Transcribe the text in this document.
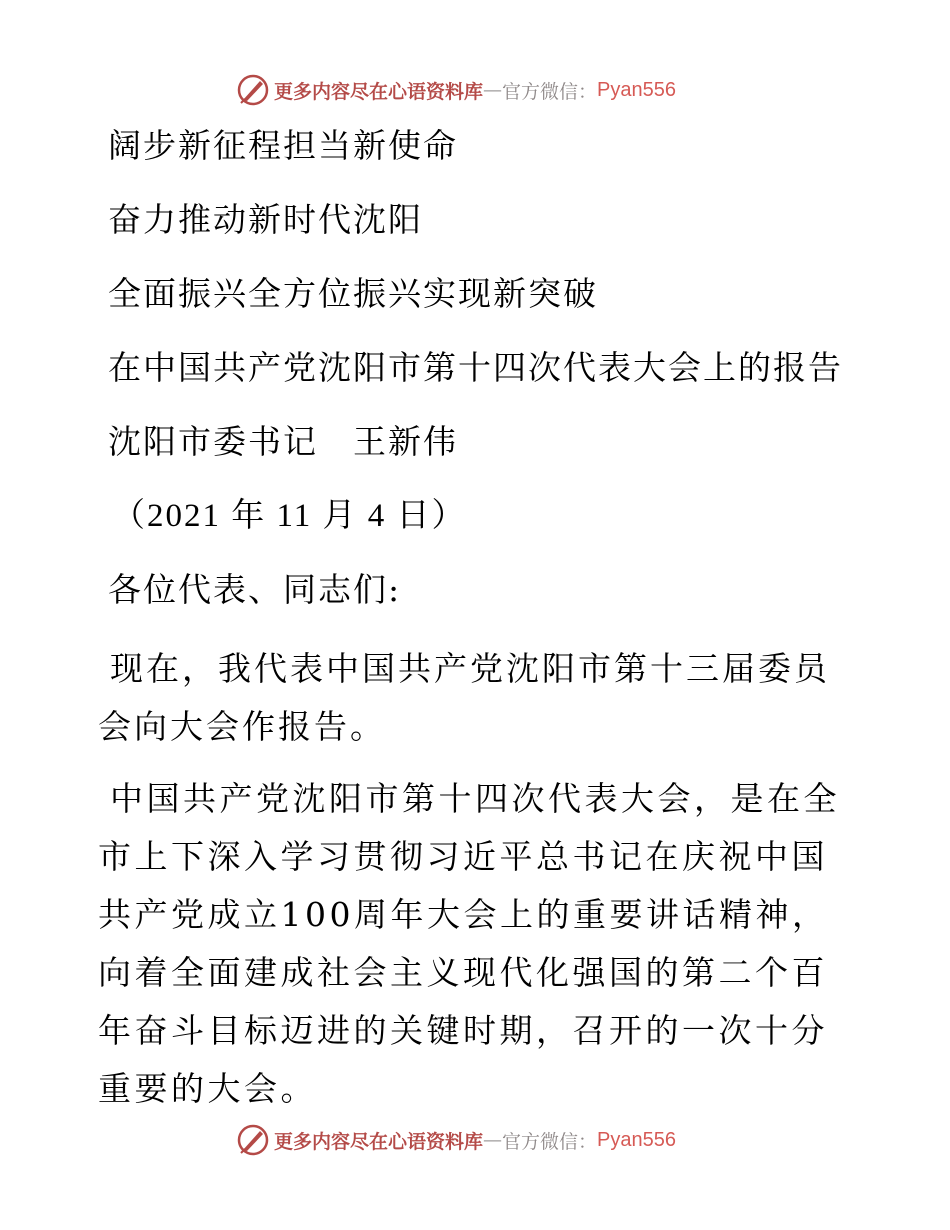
更多内容尽在心语资料库 — 官方微信： Pyan556

阔步新征程担当新使命

奋力推动新时代沈阳

全面振兴全方位振兴实现新突破

在中国共产党沈阳市第十四次代表大会上的报告

沈阳市委书记　王新伟

（2021 年 11 月 4 日）

各位代表、同志们:

现在，我代表中国共产党沈阳市第十三届委员会向大会作报告。

中国共产党沈阳市第十四次代表大会，是在全市上下深入学习贯彻习近平总书记在庆祝中国共产党成立100周年大会上的重要讲话精神，向着全面建成社会主义现代化强国的第二个百年奋斗目标迈进的关键时期，召开的一次十分重要的大会。

更多内容尽在心语资料库 — 官方微信： Pyan556
